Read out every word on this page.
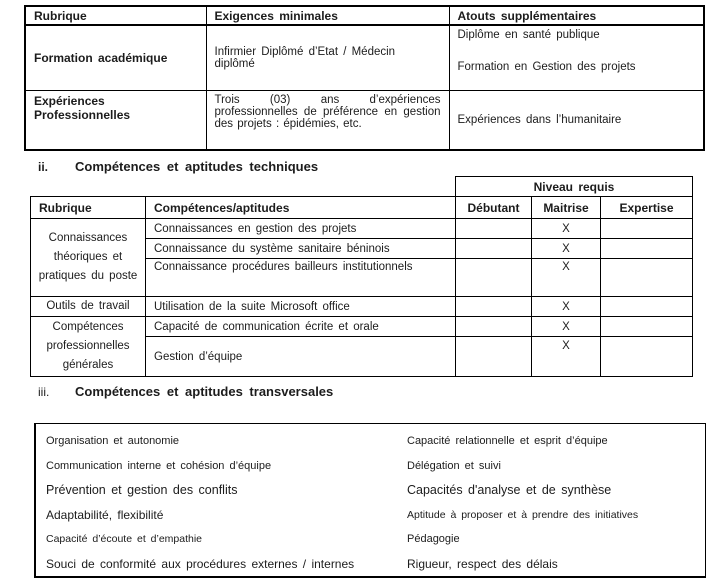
Rubrique	Exigences minimales	Atouts supplémentaires
Formation académique	Infirmier Diplômé d’Etat / Médecin diplômé	Diplôme en santé publique
Formation en Gestion des projets

Expériences Professionnelles	Trois (03) ans d’expériences professionnelles de préférence en gestion des projets : épidémies, etc.	Expériences dans l’humanitaire
ii. Compétences et aptitudes techniques
		Niveau requis		
Rubrique	Compétences/aptitudes	Débutant	Maitrise	Expertise
Connaissances théoriques et pratiques du poste	Connaissances en gestion des projets		X	
	Connaissance du système sanitaire béninois		X	
	Connaissance procédures bailleurs institutionnels		X	
Outils de travail	Utilisation de la suite Microsoft office		X	
Compétences professionnelles générales	Capacité de communication écrite et orale		X	
	Gestion d’équipe		X	
iii. Compétences et aptitudes transversales
Organisation et autonomie	Capacité relationnelle et esprit d’équipe
Communication interne et cohésion d’équipe	Délégation et suivi
Prévention et gestion des conflits	Capacités d'analyse et de synthèse
Adaptabilité, flexibilité	Aptitude à proposer et à prendre des initiatives
Capacité d’écoute et d’empathie	Pédagogie
Souci de conformité aux procédures externes / internes	Rigueur, respect des délais
